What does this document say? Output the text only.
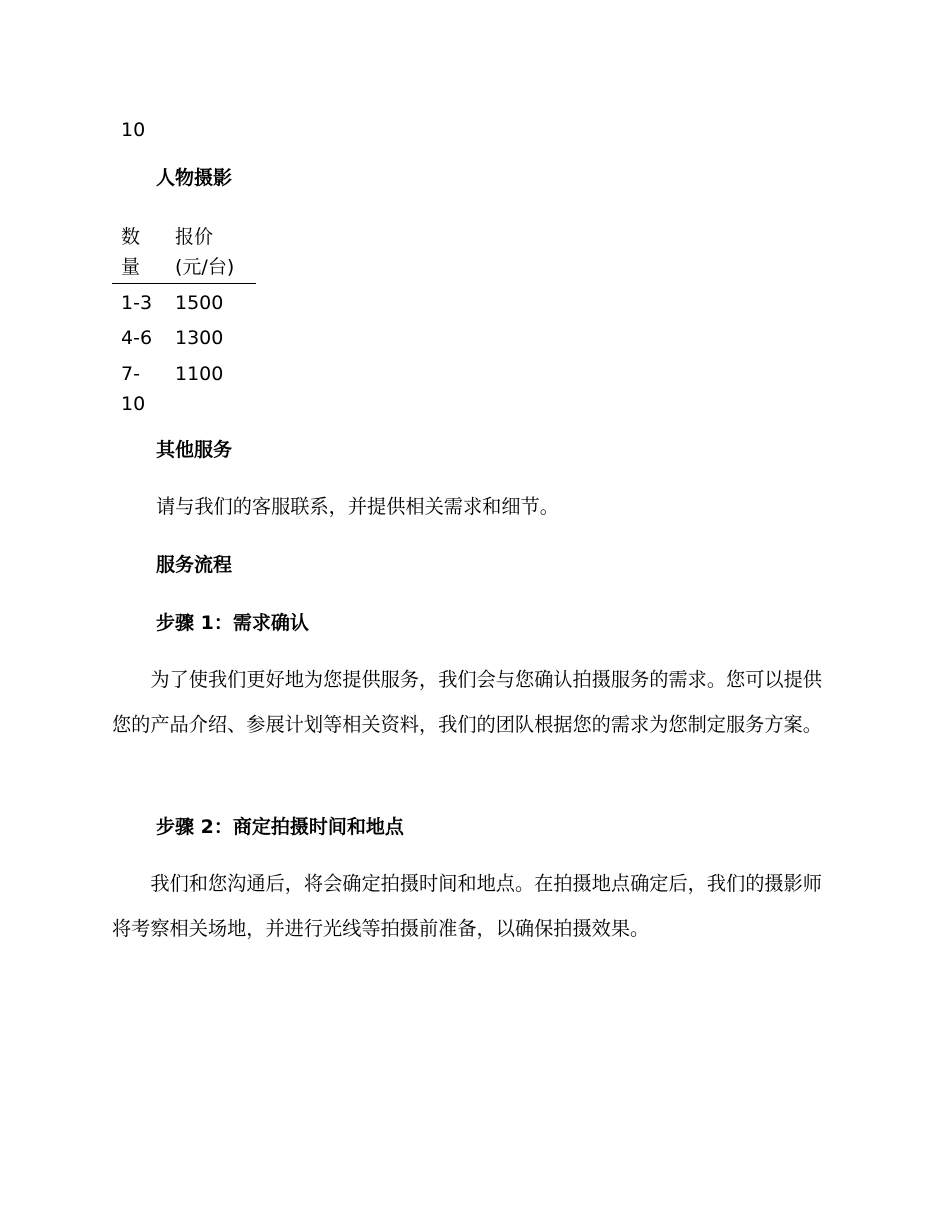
10
人物摄影
数
量
报价
(元/台)
1-3 1500
4-6 1300
7-
10
1100
其他服务
请与我们的客服联系，并提供相关需求和细节。
服务流程
步骤 1：需求确认

为了使我们更好地为您提供服务，我们会与您确认拍摄服务的需求。您可以提供您的产品介绍、参展计划等相关资料，我们的团队根据您的需求为您制定服务方案。

步骤 2：商定拍摄时间和地点

我们和您沟通后，将会确定拍摄时间和地点。在拍摄地点确定后，我们的摄影师将考察相关场地，并进行光线等拍摄前准备，以确保拍摄效果。
